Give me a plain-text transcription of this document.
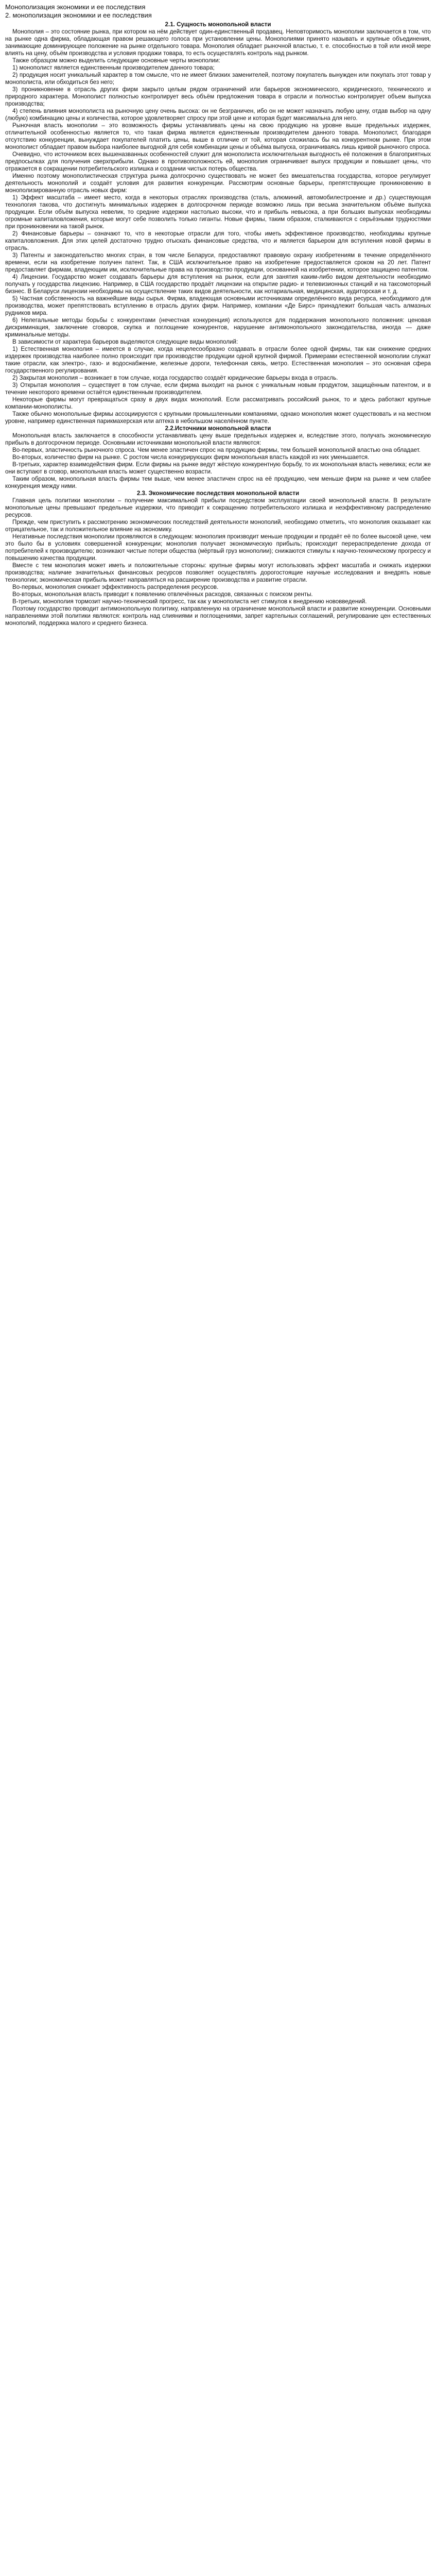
Монополизация экономики и ее последствия
2. монополизация экономики и ее последствия
2.1. Сущность монопольной власти

Монополия – это состояние рынка, при котором на нём действует один-единственный продавец. Неповторимость монополии заключается в том, что на рынке одна фирма, обладающая правом решающего голоса при установлении цены. Монополиями принято называть и крупные объединения, занимающие доминирующее положение на рынке отдельного товара. Монополия обладает рыночной властью, т. е. способностью в той или иной мере влиять на цену, объём производства и условия продажи товара, то есть осуществлять контроль над рынком.

Также образцом можно выделить следующие основные черты монополии:

1) монополист является единственным производителем данного товара;

2) продукция носит уникальный характер в том смысле, что не имеет близких заменителей, поэтому покупатель вынужден или покупать этот товар у монополиста, или обходиться без него;

3) проникновение в отрасль других фирм закрыто целым рядом ограничений или барьеров экономического, юридического, технического и природного характера. Монополист полностью контролирует весь объём предложения товара в отрасли и полностью контролирует объем выпуска производства;

4) степень влияния монополиста на рыночную цену очень высока: он не безграничен, ибо он не может назначать любую цену, отдав выбор на одну (любую) комбинацию цены и количества, которое удовлетворяет спросу при этой цене и которая будет максимальна для него.

Рыночная власть монополии – это возможность фирмы устанавливать цены на свою продукцию на уровне выше предельных издержек, отличительной особенностью является то, что такая фирма является единственным производителем данного товара. Монополист, благодаря отсутствию конкуренции, вынуждает покупателей платить цены, выше в отличие от той, которая сложилась бы на конкурентном рынке. При этом монополист обладает правом выбора наиболее выгодной для себя комбинации цены и объёма выпуска, ограничиваясь лишь кривой рыночного спроса.

Очевидно, что источником всех вышеназванных особенностей служит для монополиста исключительная выгодность её положения в благоприятных предпосылках для получения сверхприбыли. Однако в противоположность ей, монополия ограничивает выпуск продукции и повышает цены, что отражается в сокращении потребительского излишка и создании чистых потерь общества.

Именно поэтому монополистическая структура рынка долгосрочно существовать не может без вмешательства государства, которое регулирует деятельность монополий и создаёт условия для развития конкуренции. Рассмотрим основные барьеры, препятствующие проникновению в монополизированную отрасль новых фирм:

1) Эффект масштаба – имеет место, когда в некоторых отраслях производства (сталь, алюминий, автомобилестроение и др.) существующая технология такова, что достигнуть минимальных издержек в долгосрочном периоде возможно лишь при весьма значительном объёме выпуска продукции. Если объём выпуска невелик, то средние издержки настолько высоки, что и прибыль невысока, а при больших выпусках необходимы огромные капиталовложения, которые могут себе позволить только гиганты. Новые фирмы, таким образом, сталкиваются с серьёзными трудностями при проникновении на такой рынок.

2) Финансовые барьеры – означают то, что в некоторые отрасли для того, чтобы иметь эффективное производство, необходимы крупные капиталовложения. Для этих целей достаточно трудно отыскать финансовые средства, что и является барьером для вступления новой фирмы в отрасль.

3) Патенты и законодательство многих стран, в том числе Беларуси, предоставляют правовую охрану изобретениям в течение определённого времени, если на изобретение получен патент. Так, в США исключительное право на изобретение предоставляется сроком на 20 лет. Патент предоставляет фирмам, владеющим им, исключительные права на производство продукции, основанной на изобретении, которое защищено патентом.

4) Лицензии. Государство может создавать барьеры для вступления на рынок, если для занятия каким-либо видом деятельности необходимо получать у государства лицензию. Например, в США государство продаёт лицензии на открытие радио- и телевизионных станций и на таксомоторный бизнес. В Беларуси лицензии необходимы на осуществление таких видов деятельности, как нотариальная, медицинская, аудиторская и т. д.

5) Частная собственность на важнейшие виды сырья. Фирма, владеющая основными источниками определённого вида ресурса, необходимого для производства, может препятствовать вступлению в отрасль других фирм. Например, компании «Де Бирс» принадлежит большая часть алмазных рудников мира.

6) Нелегальные методы борьбы с конкурентами (нечестная конкуренция) используются для поддержания монопольного положения: ценовая дискриминация, заключение сговоров, скупка и поглощение конкурентов, нарушение антимонопольного законодательства, иногда — даже криминальные методы.

В зависимости от характера барьеров выделяются следующие виды монополий:

1) Естественная монополия – имеется в случае, когда нецелесообразно создавать в отрасли более одной фирмы, так как снижение средних издержек производства наиболее полно происходит при производстве продукции одной крупной фирмой. Примерами естественной монополии служат такие отрасли, как электро-, газо- и водоснабжение, железные дороги, телефонная связь, метро. Естественная монополия – это основная сфера государственного регулирования.

2) Закрытая монополия – возникает в том случае, когда государство создаёт юридические барьеры входа в отрасль.

3) Открытая монополия – существует в том случае, если фирма выходит на рынок с уникальным новым продуктом, защищённым патентом, и в течение некоторого времени остаётся единственным производителем.

Некоторые фирмы могут превращаться сразу в двух видах монополий. Если рассматривать российский рынок, то и здесь работают крупные компании-монополисты.

Также обычно монопольные фирмы ассоциируются с крупными промышленными компаниями, однако монополия может существовать и на местном уровне, например единственная парикмахерская или аптека в небольшом населённом пункте.

2.2.Источники монопольной власти

Монопольная власть заключается в способности устанавливать цену выше предельных издержек и, вследствие этого, получать экономическую прибыль в долгосрочном периоде. Основными источниками монопольной власти являются:

Во-первых, эластичность рыночного спроса. Чем менее эластичен спрос на продукцию фирмы, тем большей монопольной властью она обладает.

Во-вторых, количество фирм на рынке. С ростом числа конкурирующих фирм монопольная власть каждой из них уменьшается.

В-третьих, характер взаимодействия фирм. Если фирмы на рынке ведут жёсткую конкурентную борьбу, то их монопольная власть невелика; если же они вступают в сговор, монопольная власть может существенно возрасти.

Таким образом, монопольная власть фирмы тем выше, чем менее эластичен спрос на её продукцию, чем меньше фирм на рынке и чем слабее конкуренция между ними.

2.3. Экономические последствия монопольной власти

Главная цель политики монополии – получение максимальной прибыли посредством эксплуатации своей монопольной власти. В результате монопольные цены превышают предельные издержки, что приводит к сокращению потребительского излишка и неэффективному распределению ресурсов.

Прежде, чем приступить к рассмотрению экономических последствий деятельности монополий, необходимо отметить, что монополия оказывает как отрицательное, так и положительное влияние на экономику.

Негативные последствия монополии проявляются в следующем: монополия производит меньше продукции и продаёт её по более высокой цене, чем это было бы в условиях совершенной конкуренции; монополия получает экономическую прибыль; происходит перераспределение дохода от потребителей к производителю; возникают чистые потери общества (мёртвый груз монополии); снижаются стимулы к научно-техническому прогрессу и повышению качества продукции.

Вместе с тем монополия может иметь и положительные стороны: крупные фирмы могут использовать эффект масштаба и снижать издержки производства; наличие значительных финансовых ресурсов позволяет осуществлять дорогостоящие научные исследования и внедрять новые технологии; экономическая прибыль может направляться на расширение производства и развитие отрасли.

Во-первых, монополия снижает эффективность распределения ресурсов.

Во-вторых, монопольная власть приводит к появлению отвлечённых расходов, связанных с поиском ренты.

В-третьих, монополия тормозит научно-технический прогресс, так как у монополиста нет стимулов к внедрению нововведений.

Поэтому государство проводит антимонопольную политику, направленную на ограничение монопольной власти и развитие конкуренции. Основными направлениями этой политики являются: контроль над слияниями и поглощениями, запрет картельных соглашений, регулирование цен естественных монополий, поддержка малого и среднего бизнеса.
